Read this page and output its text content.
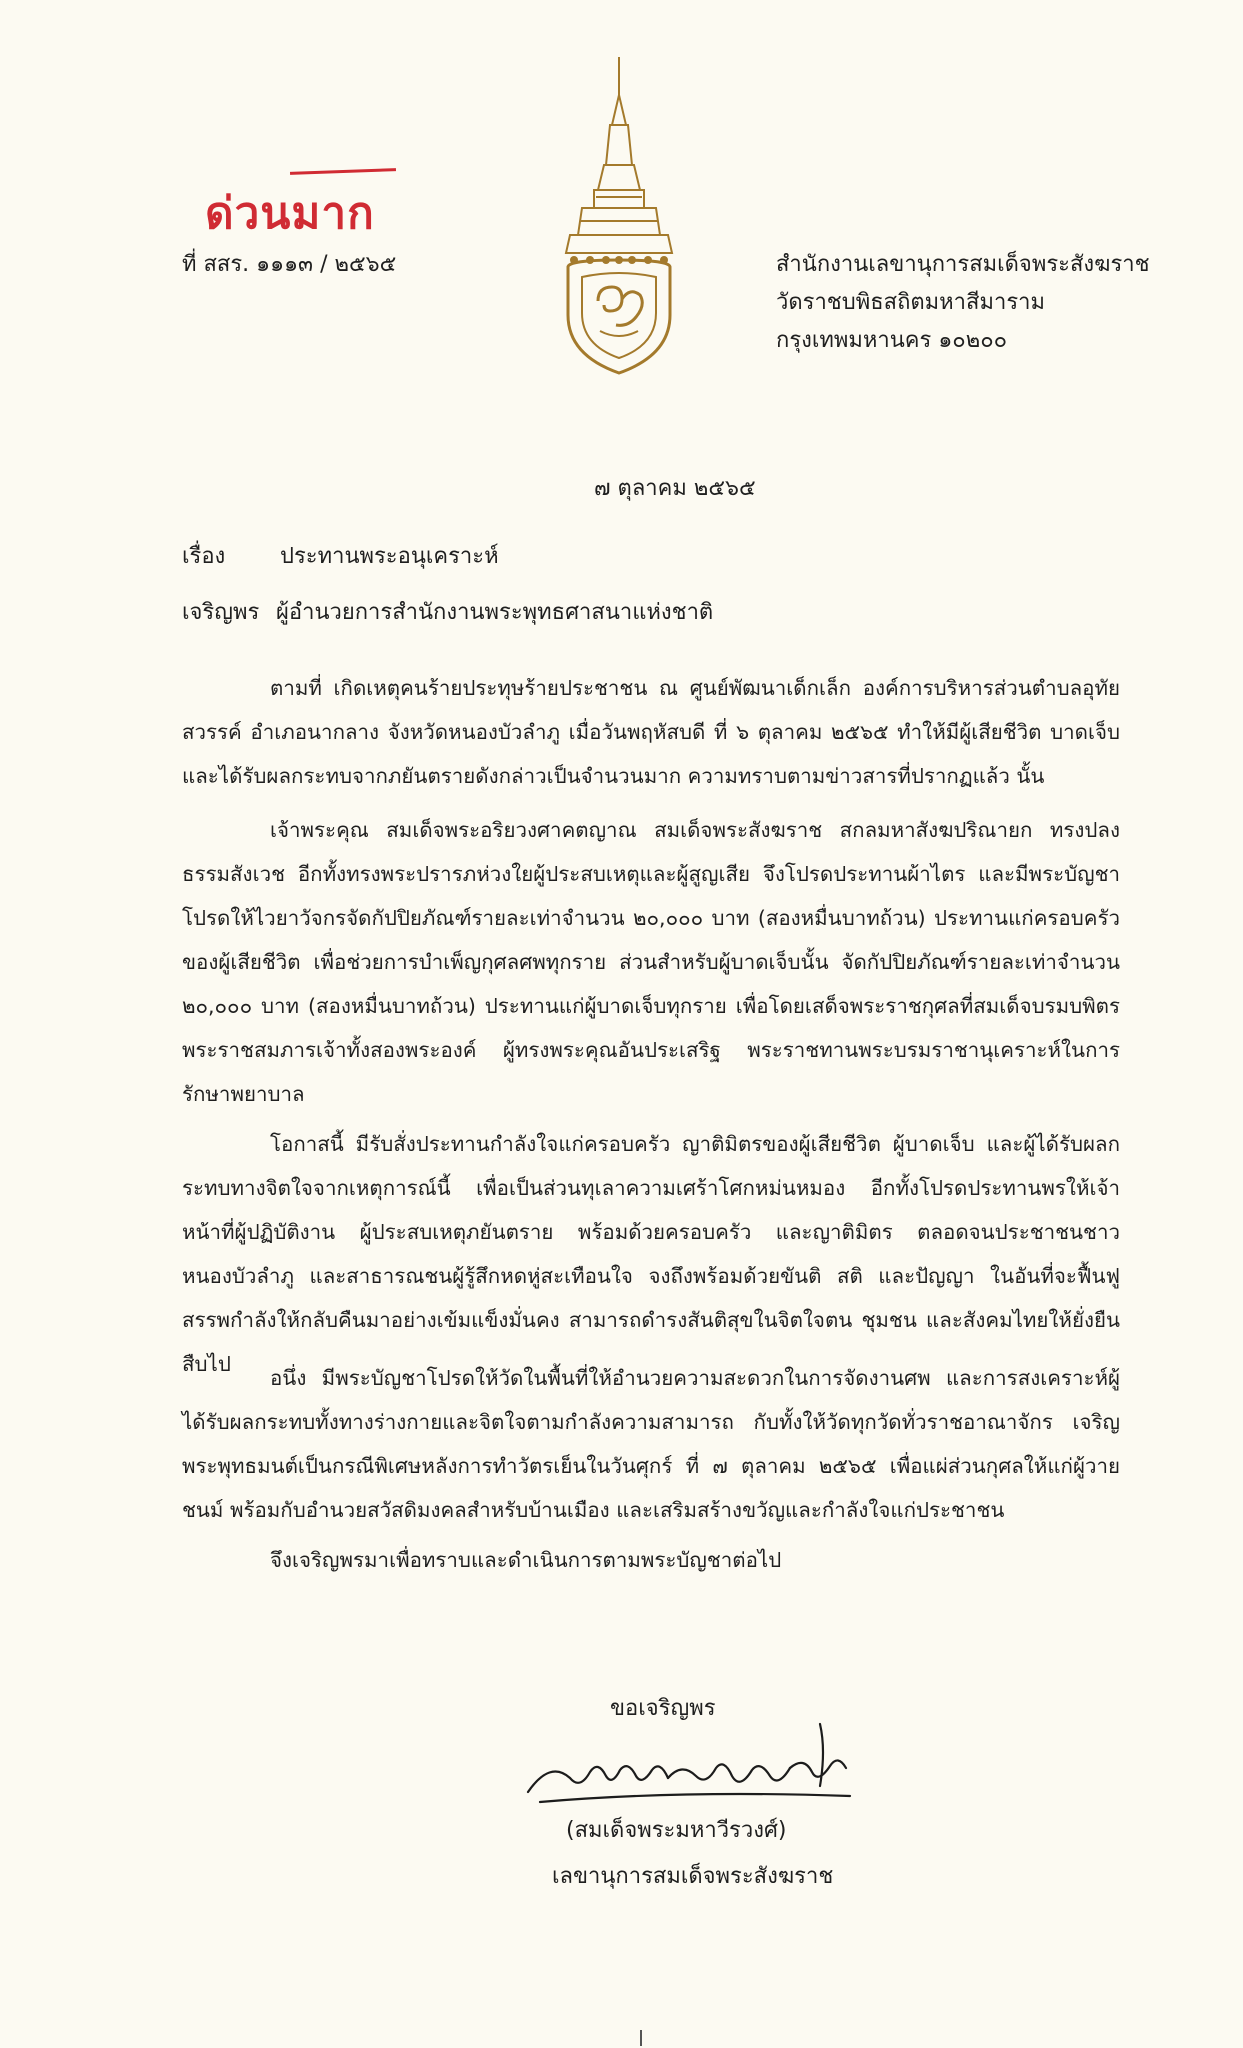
ด่วนมาก
ที่ สสร. ๑๑๑๓ / ๒๕๖๕	สำนักงานเลขานุการสมเด็จพระสังฆราช
วัดราชบพิธสถิตมหาสีมาราม
กรุงเทพมหานคร ๑๐๒๐๐
๗ ตุลาคม ๒๕๖๕
เรื่อง ประทานพระอนุเคราะห์
เจริญพร ผู้อำนวยการสำนักงานพระพุทธศาสนาแห่งชาติ

ตามที่ เกิดเหตุคนร้ายประทุษร้ายประชาชน ณ ศูนย์พัฒนาเด็กเล็ก องค์การบริหารส่วนตำบลอุทัยสวรรค์ อำเภอนากลาง จังหวัดหนองบัวลำภู เมื่อวันพฤหัสบดี ที่ ๖ ตุลาคม ๒๕๖๕ ทำให้มีผู้เสียชีวิต บาดเจ็บ และได้รับผลกระทบจากภยันตรายดังกล่าวเป็นจำนวนมาก ความทราบตามข่าวสารที่ปรากฏแล้ว นั้น

เจ้าพระคุณ สมเด็จพระอริยวงศาคตญาณ สมเด็จพระสังฆราช สกลมหาสังฆปริณายก ทรงปลงธรรมสังเวช อีกทั้งทรงพระปรารภห่วงใยผู้ประสบเหตุและผู้สูญเสีย จึงโปรดประทานผ้าไตร และมีพระบัญชาโปรดให้ไวยาวัจกรจัดกัปปิยภัณฑ์รายละเท่าจำนวน ๒๐,๐๐๐ บาท (สองหมื่นบาทถ้วน) ประทานแก่ครอบครัวของผู้เสียชีวิต เพื่อช่วยการบำเพ็ญกุศลศพทุกราย ส่วนสำหรับผู้บาดเจ็บนั้น จัดกัปปิยภัณฑ์รายละเท่าจำนวน ๒๐,๐๐๐ บาท (สองหมื่นบาทถ้วน) ประทานแก่ผู้บาดเจ็บทุกราย เพื่อโดยเสด็จพระราชกุศลที่สมเด็จบรมบพิตรพระราชสมภารเจ้าทั้งสองพระองค์ ผู้ทรงพระคุณอันประเสริฐ พระราชทานพระบรมราชานุเคราะห์ในการรักษาพยาบาล

โอกาสนี้ มีรับสั่งประทานกำลังใจแก่ครอบครัว ญาติมิตรของผู้เสียชีวิต ผู้บาดเจ็บ และผู้ได้รับผลกระทบทางจิตใจจากเหตุการณ์นี้ เพื่อเป็นส่วนทุเลาความเศร้าโศกหม่นหมอง อีกทั้งโปรดประทานพรให้เจ้าหน้าที่ผู้ปฏิบัติงาน ผู้ประสบเหตุภยันตราย พร้อมด้วยครอบครัว และญาติมิตร ตลอดจนประชาชนชาวหนองบัวลำภู และสาธารณชนผู้รู้สึกหดหู่สะเทือนใจ จงถึงพร้อมด้วยขันติ สติ และปัญญา ในอันที่จะฟื้นฟูสรรพกำลังให้กลับคืนมาอย่างเข้มแข็งมั่นคง สามารถดำรงสันติสุขในจิตใจตน ชุมชน และสังคมไทยให้ยั่งยืนสืบไป

อนึ่ง มีพระบัญชาโปรดให้วัดในพื้นที่ให้อำนวยความสะดวกในการจัดงานศพ และการสงเคราะห์ผู้ได้รับผลกระทบทั้งทางร่างกายและจิตใจตามกำลังความสามารถ กับทั้งให้วัดทุกวัดทั่วราชอาณาจักร เจริญพระพุทธมนต์เป็นกรณีพิเศษหลังการทำวัตรเย็นในวันศุกร์ ที่ ๗ ตุลาคม ๒๕๖๕ เพื่อแผ่ส่วนกุศลให้แก่ผู้วายชนม์ พร้อมกับอำนวยสวัสดิมงคลสำหรับบ้านเมือง และเสริมสร้างขวัญและกำลังใจแก่ประชาชน

จึงเจริญพรมาเพื่อทราบและดำเนินการตามพระบัญชาต่อไป

ขอเจริญพร
(สมเด็จพระมหาวีรวงศ์)
เลขานุการสมเด็จพระสังฆราช
